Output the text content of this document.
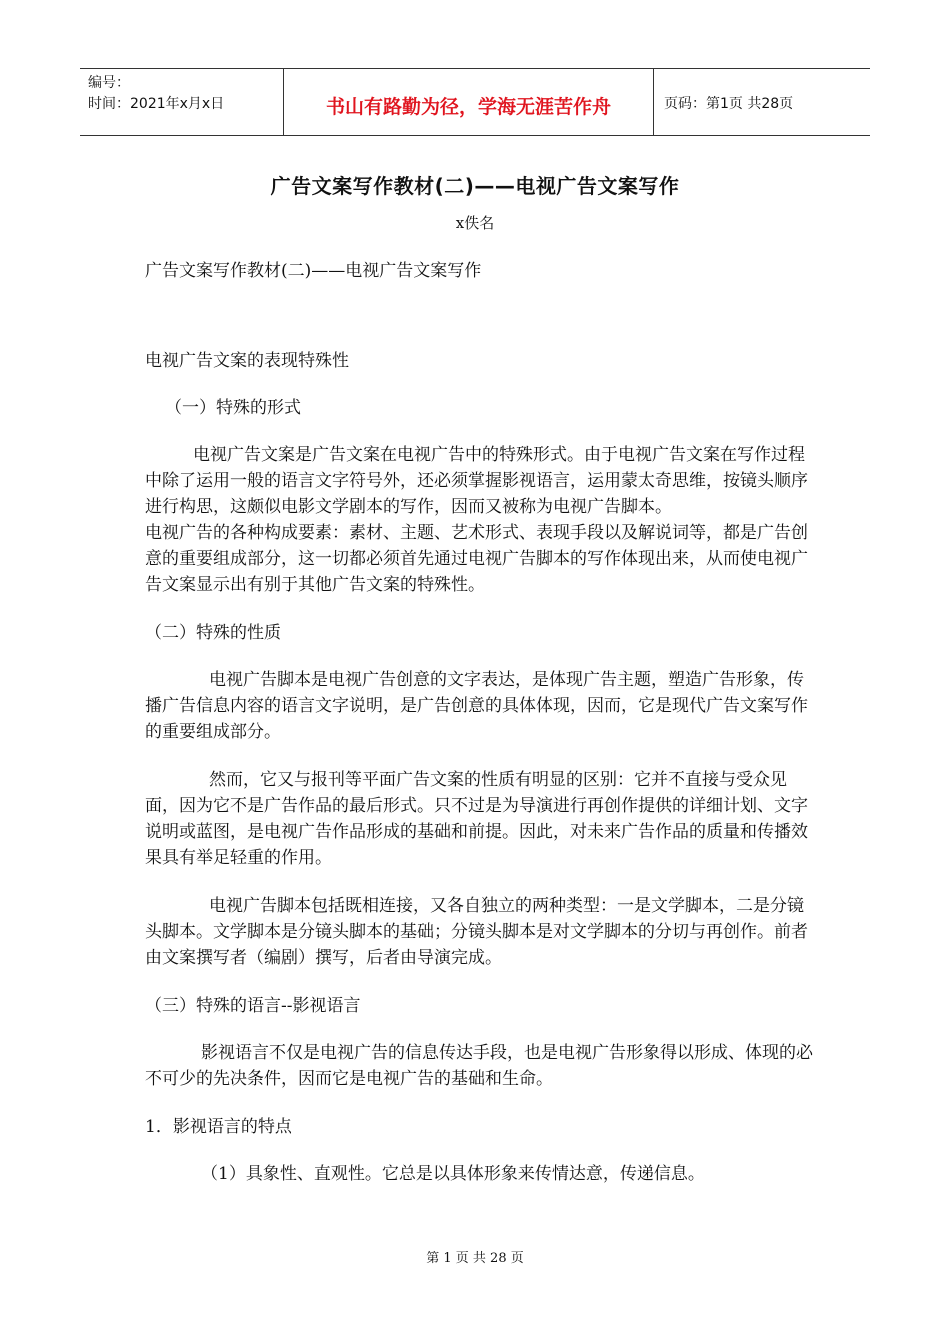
编号：
时间：2021年x月x日	书山有路勤为径，学海无涯苦作舟	页码：第1页 共28页
广告文案写作教材(二)——电视广告文案写作
x佚名

广告文案写作教材(二)——电视广告文案写作

电视广告文案的表现特殊性

（一）特殊的形式

电视广告文案是广告文案在电视广告中的特殊形式。由于电视广告文案在写作过程中除了运用一般的语言文字符号外，还必须掌握影视语言，运用蒙太奇思维，按镜头顺序进行构思，这颇似电影文学剧本的写作，因而又被称为电视广告脚本。

电视广告的各种构成要素：素材、主题、艺术形式、表现手段以及解说词等，都是广告创意的重要组成部分，这一切都必须首先通过电视广告脚本的写作体现出来，从而使电视广告文案显示出有别于其他广告文案的特殊性。

（二）特殊的性质

电视广告脚本是电视广告创意的文字表达，是体现广告主题，塑造广告形象，传播广告信息内容的语言文字说明，是广告创意的具体体现，因而，它是现代广告文案写作的重要组成部分。

然而，它又与报刊等平面广告文案的性质有明显的区别：它并不直接与受众见面，因为它不是广告作品的最后形式。只不过是为导演进行再创作提供的详细计划、文字说明或蓝图，是电视广告作品形成的基础和前提。因此，对未来广告作品的质量和传播效果具有举足轻重的作用。

电视广告脚本包括既相连接，又各自独立的两种类型：一是文学脚本，二是分镜头脚本。文学脚本是分镜头脚本的基础；分镜头脚本是对文学脚本的分切与再创作。前者由文案撰写者（编剧）撰写，后者由导演完成。

（三）特殊的语言--影视语言

影视语言不仅是电视广告的信息传达手段，也是电视广告形象得以形成、体现的必不可少的先决条件，因而它是电视广告的基础和生命。

1．影视语言的特点

（1）具象性、直观性。它总是以具体形象来传情达意，传递信息。

第 1 页 共 28 页
